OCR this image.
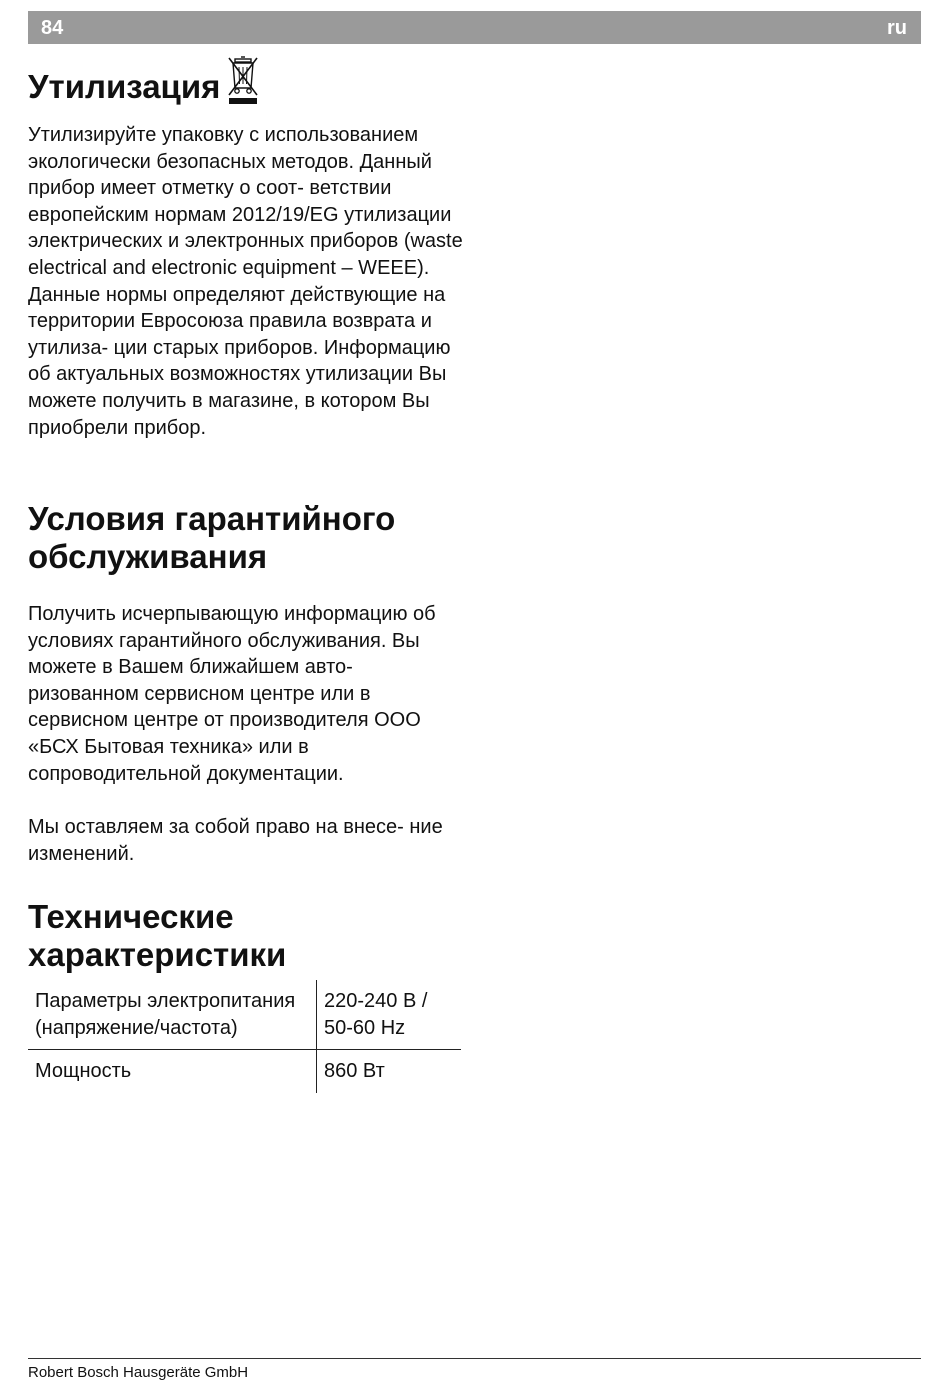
84	ru
Утилизация

Утилизируйте упаковку с использованием экологически безопасных методов. Данный прибор имеет отметку о соот- ветствии европейским нормам 2012/19/EG утилизации электрических и электронных приборов (waste electrical and electronic equipment – WEEE). Данные нормы определяют действующие на территории Евросоюза правила возврата и утилиза- ции старых приборов. Информацию об актуальных возможностях утилизации Вы можете получить в магазине, в котором Вы приобрели прибор.

Условия гарантийного обслуживания

Получить исчерпывающую информацию об условиях гарантийного обслуживания. Вы можете в Вашем ближайшем авто- ризованном сервисном центре или в сервисном центре от производителя ООО «БСХ Бытовая техника» или в сопроводительной документации.

Мы оставляем за собой право на внесе- ние изменений.

Технические характеристики
Параметры электропитания (напряжение/частота)	220-240 В / 50-60 Hz
Мощность	860 Вт
Robert Bosch Hausgeräte GmbH
